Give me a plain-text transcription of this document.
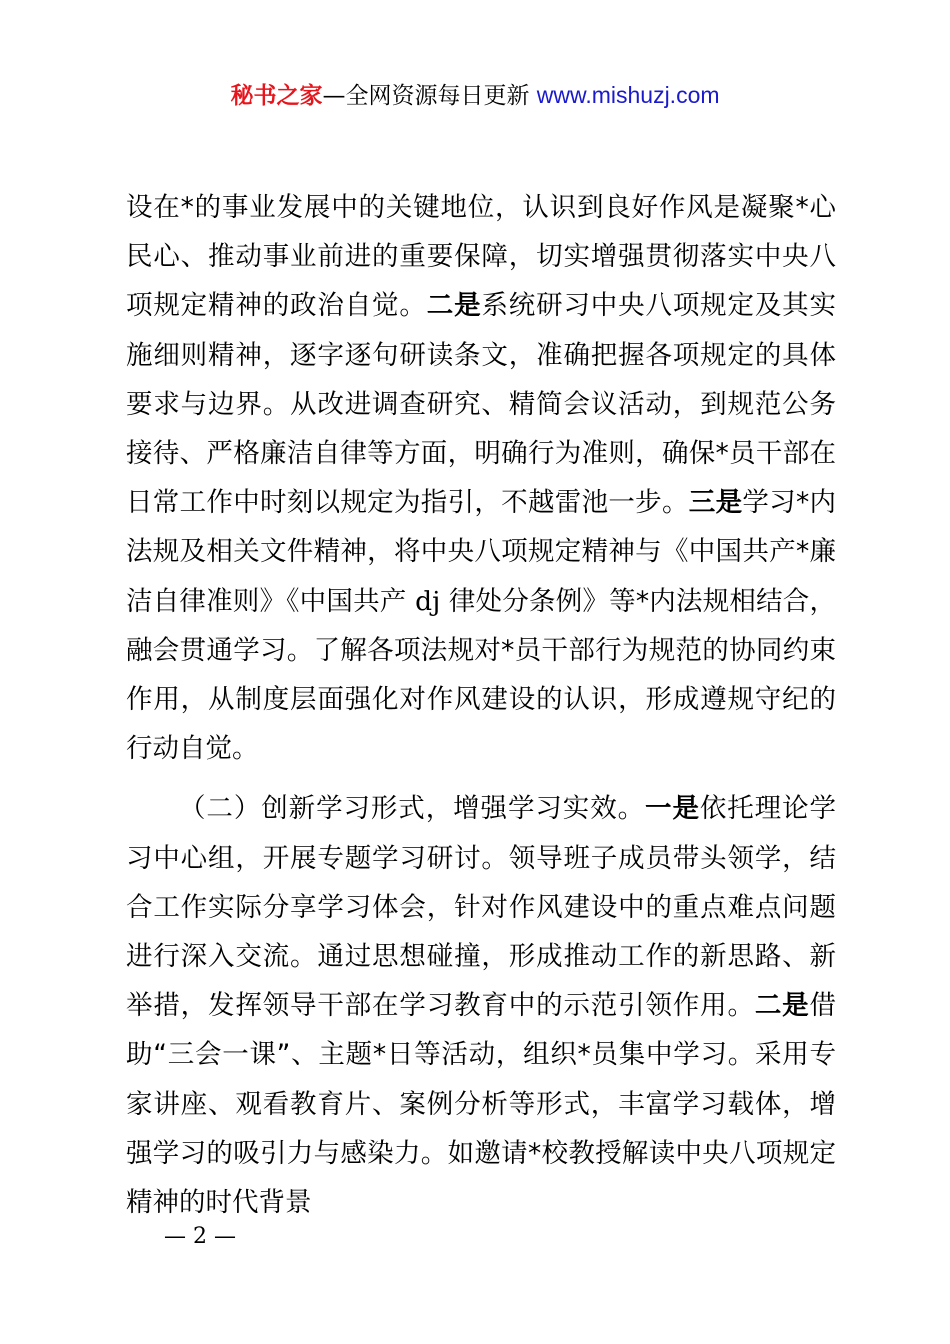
秘书之家—全网资源每日更新 www.mishuzj.com

设在*的事业发展中的关键地位，认识到良好作风是凝聚*心民心、推动事业前进的重要保障，切实增强贯彻落实中央八项规定精神的政治自觉。二是系统研习中央八项规定及其实施细则精神，逐字逐句研读条文，准确把握各项规定的具体要求与边界。从改进调查研究、精简会议活动，到规范公务接待、严格廉洁自律等方面，明确行为准则，确保*员干部在日常工作中时刻以规定为指引，不越雷池一步。三是学习*内法规及相关文件精神，将中央八项规定精神与《中国共产*廉洁自律准则》《中国共产 dj 律处分条例》等*内法规相结合，融会贯通学习。了解各项法规对*员干部行为规范的协同约束作用，从制度层面强化对作风建设的认识，形成遵规守纪的行动自觉。

（二）创新学习形式，增强学习实效。一是依托理论学习中心组，开展专题学习研讨。领导班子成员带头领学，结合工作实际分享学习体会，针对作风建设中的重点难点问题进行深入交流。通过思想碰撞，形成推动工作的新思路、新举措，发挥领导干部在学习教育中的示范引领作用。二是借助“三会一课”、主题*日等活动，组织*员集中学习。采用专家讲座、观看教育片、案例分析等形式，丰富学习载体，增强学习的吸引力与感染力。如邀请*校教授解读中央八项规定精神的时代背景

— 2 —
